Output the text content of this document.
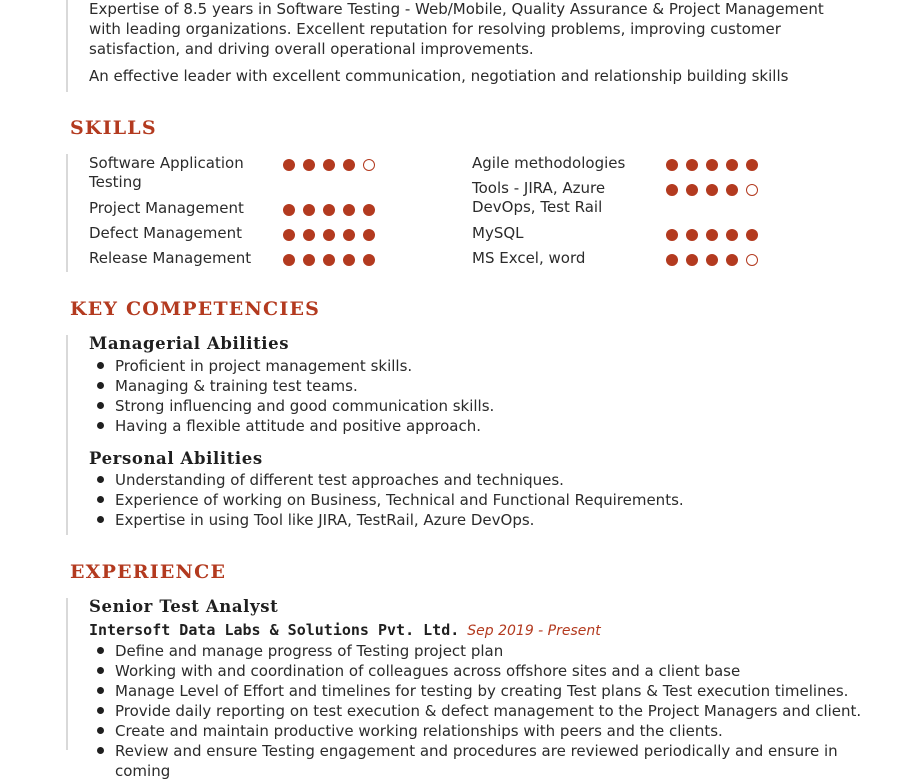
Expertise of 8.5 years in Software Testing - Web/Mobile, Quality Assurance & Project Management with leading organizations. Excellent reputation for resolving problems, improving customer satisfaction, and driving overall operational improvements.

An effective leader with excellent communication, negotiation and relationship building skills

SKILLS
Software Application Testing
Project Management
Defect Management
Release Management
Agile methodologies
Tools - JIRA, Azure DevOps, Test Rail
MySQL
MS Excel, word
KEY COMPETENCIES
Managerial Abilities
Proficient in project management skills.
Managing & training test teams.
Strong influencing and good communication skills.
Having a flexible attitude and positive approach.
Personal Abilities
Understanding of different test approaches and techniques.
Experience of working on Business, Technical and Functional Requirements.
Expertise in using Tool like JIRA, TestRail, Azure DevOps.
EXPERIENCE
Senior Test Analyst
Intersoft Data Labs & Solutions Pvt. Ltd. Sep 2019 - Present
Define and manage progress of Testing project plan
Working with and coordination of colleagues across offshore sites and a client base
Manage Level of Effort and timelines for testing by creating Test plans & Test execution timelines.
Provide daily reporting on test execution & defect management to the Project Managers and client.
Create and maintain productive working relationships with peers and the clients.
Review and ensure Testing engagement and procedures are reviewed periodically and ensure in coming
